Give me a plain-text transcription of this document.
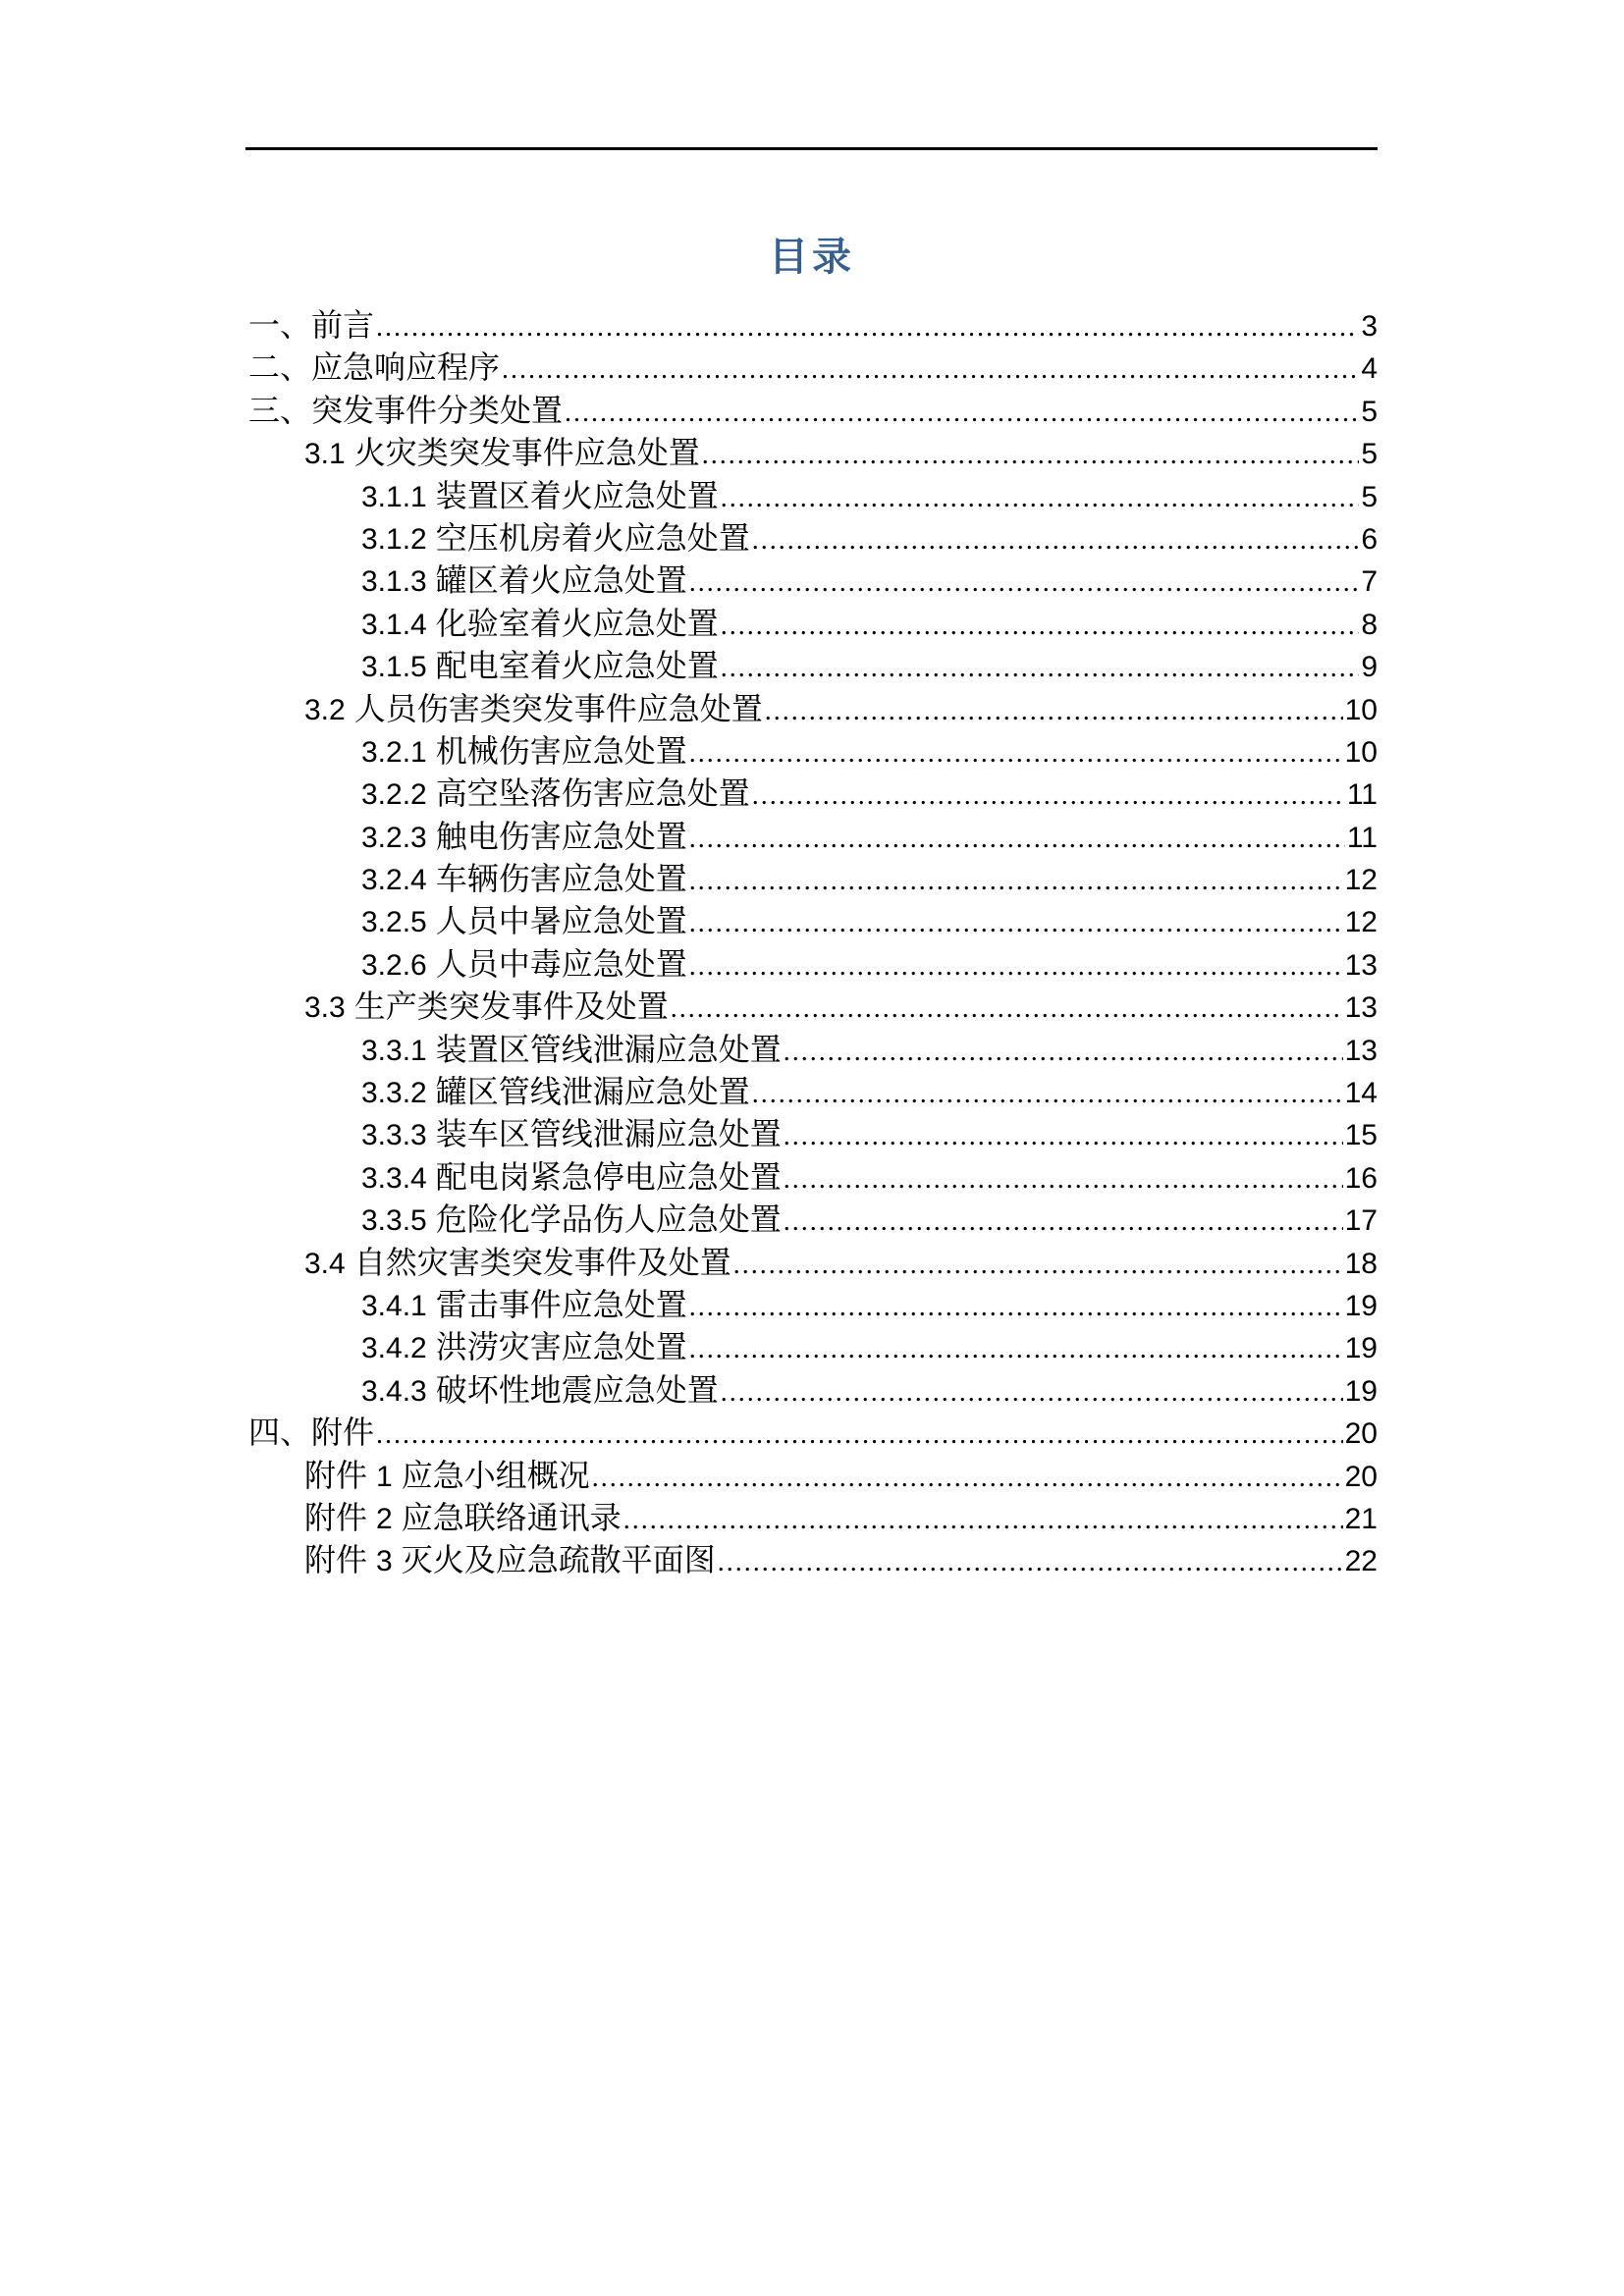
目录
一、 前言 .....	3
二、 应急响应程序 .....	4
三、 突发事件分类处置 .....	5
3.1 火灾类突发事件应急处置 .....	5
3.1.1 装置区着火应急处置 .....	5
3.1.2 空压机房着火应急处置 .....	6
3.1.3 罐区着火应急处置 .....	7
3.1.4 化验室着火应急处置 .....	8
3.1.5 配电室着火应急处置 .....	9
3.2 人员伤害类突发事件应急处置 .....	10
3.2.1 机械伤害应急处置 .....	10
3.2.2 高空坠落伤害应急处置 .....	11
3.2.3 触电伤害应急处置 .....	11
3.2.4 车辆伤害应急处置 .....	12
3.2.5 人员中暑应急处置 .....	12
3.2.6 人员中毒应急处置 .....	13
3.3 生产类突发事件及处置 .....	13
3.3.1 装置区管线泄漏应急处置 .....	13
3.3.2 罐区管线泄漏应急处置 .....	14
3.3.3 装车区管线泄漏应急处置 .....	15
3.3.4 配电岗紧急停电应急处置 .....	16
3.3.5 危险化学品伤人应急处置 .....	17
3.4 自然灾害类突发事件及处置 .....	18
3.4.1 雷击事件应急处置 .....	19
3.4.2 洪涝灾害应急处置 .....	19
3.4.3 破坏性地震应急处置 .....	19
四、 附件 .....	20
附件 1 应急小组概况 .....	20
附件 2 应急联络通讯录 .....	21
附件 3 灭火及应急疏散平面图 .....	22
